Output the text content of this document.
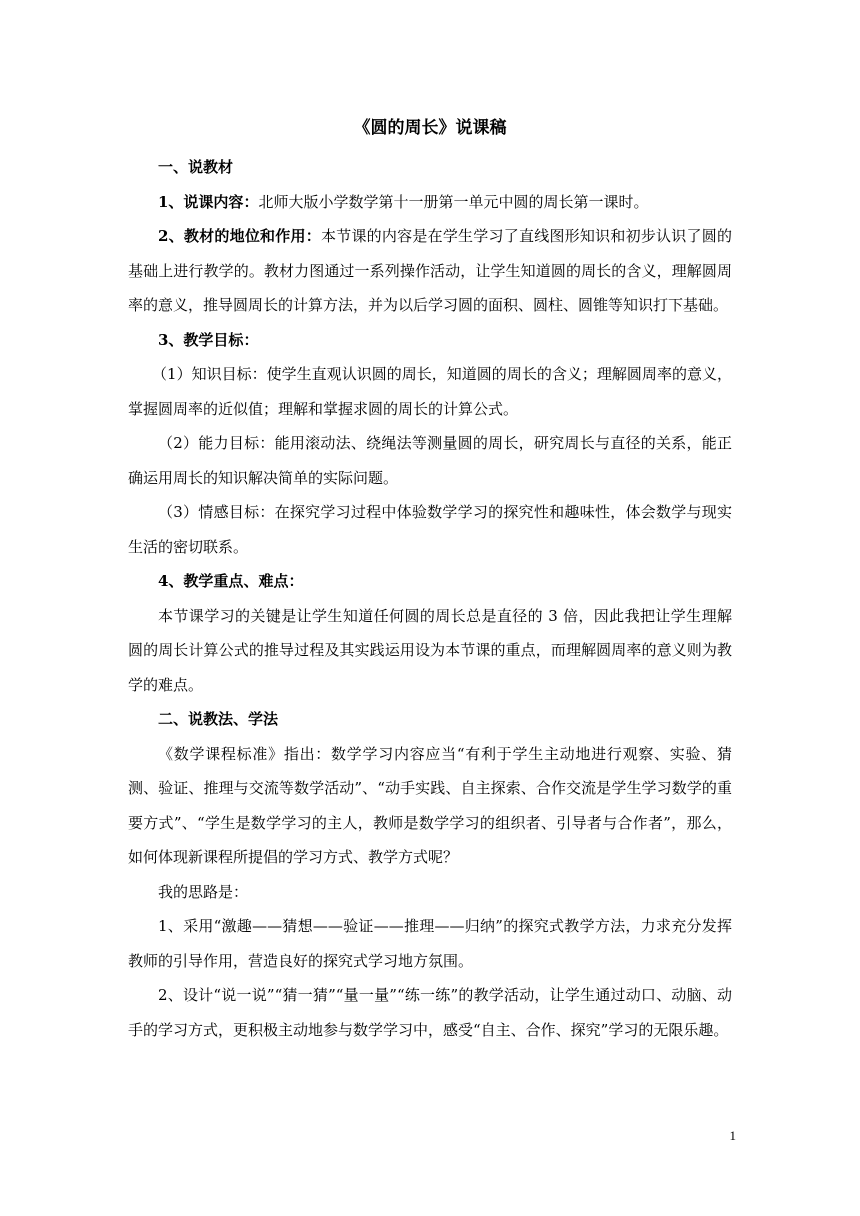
《圆的周长》说课稿

一、说教材

1、说课内容：北师大版小学数学第十一册第一单元中圆的周长第一课时。

2、教材的地位和作用：本节课的内容是在学生学习了直线图形知识和初步认识了圆的基础上进行教学的。教材力图通过一系列操作活动，让学生知道圆的周长的含义，理解圆周率的意义，推导圆周长的计算方法，并为以后学习圆的面积、圆柱、圆锥等知识打下基础。

3、教学目标：

（1）知识目标：使学生直观认识圆的周长，知道圆的周长的含义；理解圆周率的意义，掌握圆周率的近似值；理解和掌握求圆的周长的计算公式。

（2）能力目标：能用滚动法、绕绳法等测量圆的周长，研究周长与直径的关系，能正确运用周长的知识解决简单的实际问题。

（3）情感目标：在探究学习过程中体验数学学习的探究性和趣味性，体会数学与现实生活的密切联系。

4、教学重点、难点：

本节课学习的关键是让学生知道任何圆的周长总是直径的 3 倍，因此我把让学生理解圆的周长计算公式的推导过程及其实践运用设为本节课的重点，而理解圆周率的意义则为教学的难点。

二、说教法、学法

《数学课程标准》指出：数学学习内容应当“有利于学生主动地进行观察、实验、猜测、验证、推理与交流等数学活动”、“动手实践、自主探索、合作交流是学生学习数学的重要方式”、“学生是数学学习的主人，教师是数学学习的组织者、引导者与合作者”，那么，如何体现新课程所提倡的学习方式、教学方式呢？

我的思路是：

1、采用“激趣——猜想——验证——推理——归纳”的探究式教学方法，力求充分发挥教师的引导作用，营造良好的探究式学习地方氛围。

2、设计“说一说”“猜一猜”“量一量”“练一练”的教学活动，让学生通过动口、动脑、动手的学习方式，更积极主动地参与数学学习中，感受“自主、合作、探究”学习的无限乐趣。

1
